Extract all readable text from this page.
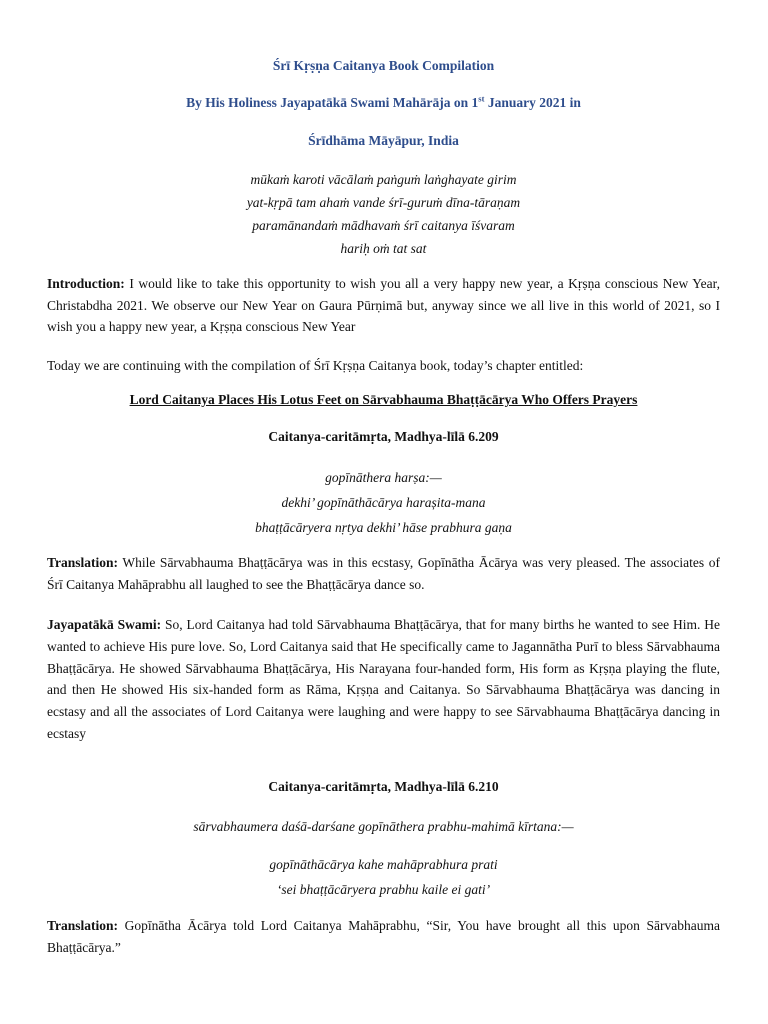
Śrī Kṛṣṇa Caitanya Book Compilation
By His Holiness Jayapatākā Swami Mahārāja on 1st January 2021 in
Śrīdhāma Māyāpur, India
mūkaṁ karoti vācālaṁ paṅguṁ laṅghayate girim
yat-kṛpā tam ahaṁ vande śrī-guruṁ dīna-tāraṇam
paramānandaṁ mādhavaṁ śrī caitanya īśvaram
hariḥ oṁ tat sat
Introduction: I would like to take this opportunity to wish you all a very happy new year, a Kṛṣṇa conscious New Year, Christabdha 2021. We observe our New Year on Gaura Pūrṇimā but, anyway since we all live in this world of 2021, so I wish you a happy new year, a Kṛṣṇa conscious New Year
Today we are continuing with the compilation of Śrī Kṛṣṇa Caitanya book, today’s chapter entitled:
Lord Caitanya Places His Lotus Feet on Sārvabhauma Bhaṭṭācārya Who Offers Prayers
Caitanya-caritāmṛta, Madhya-līlā 6.209
gopīnāthera harṣa:—
dekhi’ gopīnāthācārya harașita-mana
bhaṭṭācāryera nṛtya dekhi’ hāse prabhura gaṇa
Translation: While Sārvabhauma Bhaṭṭācārya was in this ecstasy, Gopīnātha Ācārya was very pleased. The associates of Śrī Caitanya Mahāprabhu all laughed to see the Bhaṭṭācārya dance so.
Jayapatākā Swami: So, Lord Caitanya had told Sārvabhauma Bhaṭṭācārya, that for many births he wanted to see Him. He wanted to achieve His pure love. So, Lord Caitanya said that He specifically came to Jagannātha Purī to bless Sārvabhauma Bhaṭṭācārya. He showed Sārvabhauma Bhaṭṭācārya, His Narayana four-handed form, His form as Kṛṣṇa playing the flute, and then He showed His six-handed form as Rāma, Kṛṣṇa and Caitanya. So Sārvabhauma Bhaṭṭācārya was dancing in ecstasy and all the associates of Lord Caitanya were laughing and were happy to see Sārvabhauma Bhaṭṭācārya dancing in ecstasy
Caitanya-caritāmṛta, Madhya-līlā 6.210
sārvabhaumera daśā-darśane gopīnāthera prabhu-mahimā kīrtana:—
gopīnāthācārya kahe mahāprabhura prati
‘sei bhaṭṭācāryera prabhu kaile ei gati’
Translation: Gopīnātha Ācārya told Lord Caitanya Mahāprabhu, “Sir, You have brought all this upon Sārvabhauma Bhaṭṭācārya.”
